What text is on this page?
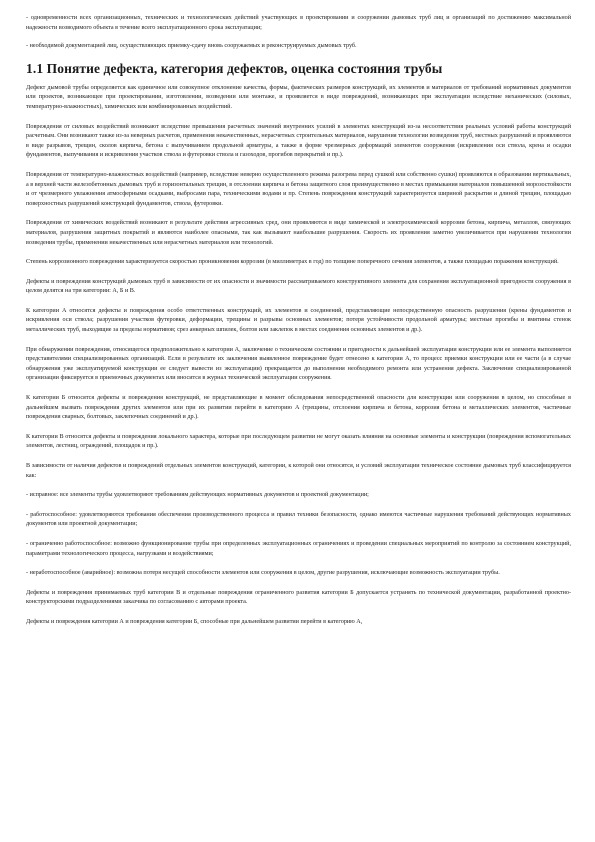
- одновременности всех организационных, технических и технологических действий участвующих в проектировании и сооружении дымовых труб лиц и организаций по достижению максимальной надежности возводимого объекта в течение всего эксплуатационного срока эксплуатации;

- необходимой документацией лиц, осуществляющих приемку-сдачу вновь сооружаемых и реконструируемых дымовых труб.

1.1 Понятие дефекта, категория дефектов, оценка состояния трубы

Дефект дымовой трубы определяется как единичное или совокупное отклонение качества, формы, фактических размеров конструкций, их элементов и материалов от требований нормативных документов или проектов, возникающее при проектировании, изготовлении, возведении или монтаже, и проявляется в виде повреждений, возникающих при эксплуатации вследствие механических (силовых, температурно-влажностных), химических или комбинированных воздействий.

Повреждения от силовых воздействий возникают вследствие превышения расчетных значений внутренних усилий в элементах конструкций из-за несоответствия реальных условий работы конструкций расчетным. Они возникают также из-за неверных расчетов, применения некачественных, нерасчетных строительных материалов, нарушения технологии возведения труб, местных разрушений и проявляются в виде разрывов, трещин, сколов кирпича, бетона с выпучиванием продольной арматуры, а также в форме чрезмерных деформаций элементов сооружения (искривления оси ствола, крена и осадки фундаментов, выпучивания и искривления участков ствола и футеровки ствола и газоходов, прогибов перекрытий и пр.).

Повреждения от температурно-влажностных воздействий (например, вследствие неверно осуществленного режима разогрева перед сушкой или собственно сушки) проявляются в образовании вертикальных, а в верхней части железобетонных дымовых труб и горизонтальных трещин, в отслоении кирпича и бетона защитного слоя преимущественно в местах примыкания материалов повышенной морозостойкости и от чрезмерного увлажнения атмосферными осадками, выбросами пара, техническими водами и пр. Степень повреждения конструкций характеризуется шириной раскрытия и длиной трещин, площадью поверхностных разрушений конструкций фундаментов, ствола, футеровки.

Повреждения от химических воздействий возникают в результате действия агрессивных сред, они проявляются в виде химической и электрохимической коррозии бетона, кирпича, металлов, связующих материалов, разрушения защитных покрытий и являются наиболее опасными, так как вызывают наибольшие разрушения. Скорость их проявления заметно увеличивается при нарушении технологии возведения трубы, применении некачественных или нерасчетных материалов или технологий.

Степень коррозионного повреждения характеризуется скоростью проникновения коррозии (в миллиметрах в год) по толщине поперечного сечения элементов, а также площадью поражения конструкций.

Дефекты и повреждения конструкций дымовых труб в зависимости от их опасности и значимости рассматриваемого конструктивного элемента для сохранения эксплуатационной пригодности сооружения в целом делятся на три категории: А, Б и В.

К категории А относятся дефекты и повреждения особо ответственных конструкций, их элементов и соединений, представляющие непосредственную опасность разрушения (крены фундаментов и искривления оси ствола; разрушения участков футеровки, деформации, трещины и разрывы основных элементов; потеря устойчивости продольной арматуры; местные прогибы и вмятины стенок металлических труб, выходящие за пределы нормативов; срез анкерных шпилек, болтов или заклепок в местах соединения основных элементов и др.).

При обнаружении повреждения, относящегося предположительно к категории А, заключение о техническом состоянии и пригодности к дальнейшей эксплуатации конструкции или ее элемента выполняется представителями специализированных организаций. Если в результате их заключения выявленное повреждение будет отнесено к категории А, то процесс приемки конструкции или ее части (а в случае обнаружения уже эксплуатируемой конструкции ее следует вывести из эксплуатации) прекращается до выполнения необходимого ремонта или устранения дефекта. Заключение специализированной организации фиксируется в приемочных документах или вносится в журнал технической эксплуатации сооружения.

К категории Б относятся дефекты и повреждения конструкций, не представляющие в момент обследования непосредственной опасности для конструкции или сооружения в целом, но способные в дальнейшем вызвать повреждения других элементов или при их развитии перейти в категорию А (трещины, отслоения кирпича и бетона, коррозия бетона и металлических элементов, частичные повреждения сварных, болтовых, заклепочных соединений и др.).

К категории В относятся дефекты и повреждения локального характера, которые при последующем развитии не могут оказать влияния на основные элементы и конструкции (повреждения вспомогательных элементов, лестниц, ограждений, площадок и пр.).

В зависимости от наличия дефектов и повреждений отдельных элементов конструкций, категории, к которой они относятся, и условий эксплуатации техническое состояние дымовых труб классифицируется как:

- исправное: все элементы трубы удовлетворяют требованиям действующих нормативных документов и проектной документации;

- работоспособное: удовлетворяются требования обеспечения производственного процесса и правил техники безопасности, однако имеются частичные нарушения требований действующих нормативных документов или проектной документации;

- ограниченно работоспособное: возможно функционирование трубы при определенных эксплуатационных ограничениях и проведении специальных мероприятий по контролю за состоянием конструкций, параметрами технологического процесса, нагрузками и воздействиями;

- неработоспособное (аварийное): возможна потеря несущей способности элементов или сооружения в целом, другие разрушения, исключающие возможность эксплуатации трубы.

Дефекты и повреждения принимаемых труб категории В и отдельные повреждения ограниченного развития категории Б допускается устранять по технической документации, разработанной проектно-конструкторскими подразделениями заказчика по согласованию с авторами проекта.

Дефекты и повреждения категории А и повреждения категории Б, способные при дальнейшем развитии перейти в категорию А,
